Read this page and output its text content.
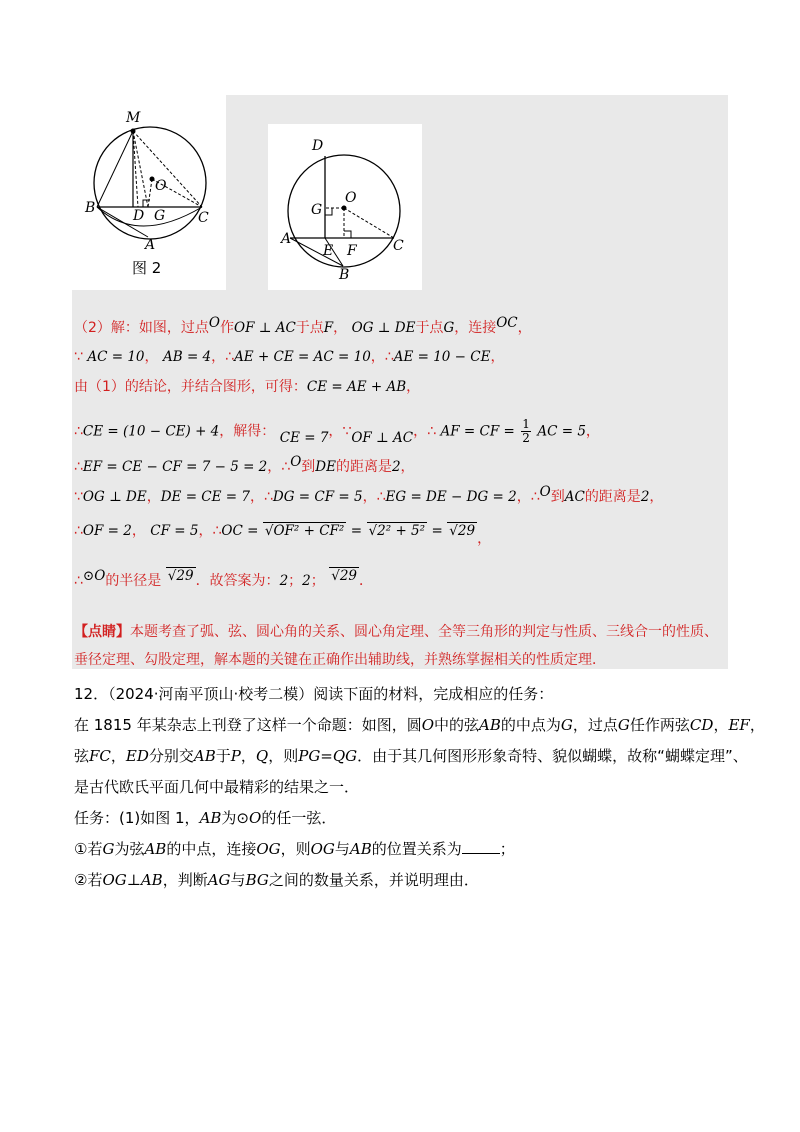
M
O
B	D G C
A
图 2
D
O
G
A
E F	C
B
（2）解：如图，过点O作OF ⊥ AC于点F， OG ⊥ DE于点G，连接OC，
∵ AC = 10， AB = 4，∴AE + CE = AC = 10，∴AE = 10 − CE，
由（1）的结论，并结合图形，可得：CE = AE + AB，
∴CE = (10 − CE) + 4，解得： CE = 7，∵OF ⊥ AC，∴ AF = CF = $\frac{1}{2}$ AC = 5，
∴EF = CE − CF = 7 − 5 = 2，∴O到DE的距离是2，
∵OG ⊥ DE，DE = CE = 7，∴DG = CF = 5，∴EG = DE − DG = 2，∴O到AC的距离是2，
∴OF = 2， CF = 5，∴OC = √OF² + CF² = √2² + 5² = √29 ，
∴⊙O的半径是 √29 ．故答案为：2；2； √29 ．
【点睛】本题考查了弧、弦、圆心角的关系、圆心角定理、全等三角形的判定与性质、三线合一的性质、
垂径定理、勾股定理，解本题的关键在正确作出辅助线，并熟练掌握相关的性质定理．
12．（2024·河南平顶山·校考二模）阅读下面的材料，完成相应的任务：
在 1815 年某杂志上刊登了这样一个命题：如图，圆O中的弦AB的中点为G，过点G任作两弦CD，EF，
弦FC，ED分别交AB于P，Q，则PG=QG．由于其几何图形形象奇特、貌似蝴蝶，故称“蝴蝶定理”、
是古代欧氏平面几何中最精彩的结果之一．
任务：(1)如图 1，AB为⊙O的任一弦．
①若G为弦AB的中点，连接OG，则OG与AB的位置关系为	；
②若OG⊥AB，判断AG与BG之间的数量关系，并说明理由．
